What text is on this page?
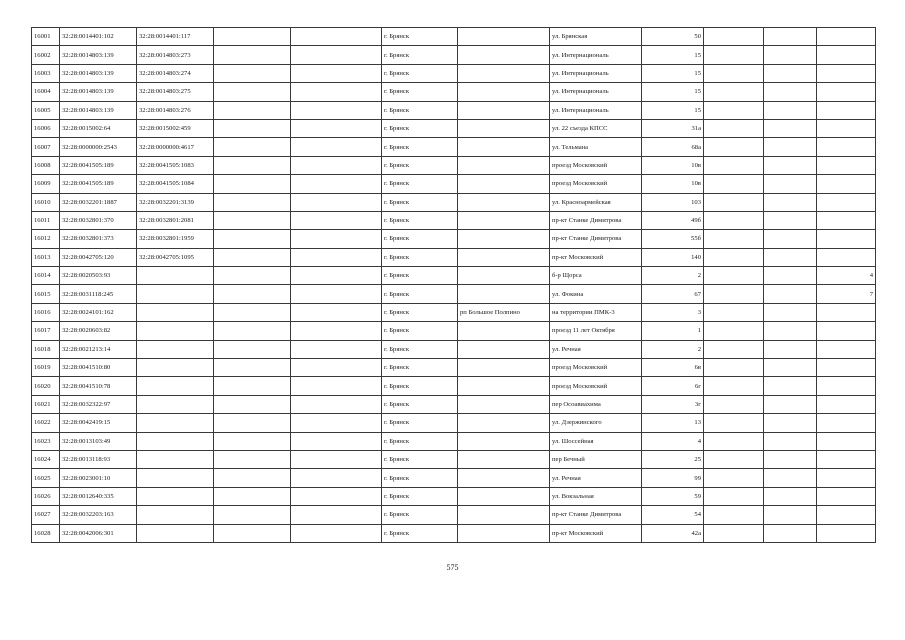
16001	32:28:0014401:102	32:28:0014401:117			г. Брянск		ул. Брянская	50			
16002	32:28:0014803:139	32:28:0014803:273			г. Брянск		ул. Интернациональ	15			
16003	32:28:0014803:139	32:28:0014803:274			г. Брянск		ул. Интернациональ	15			
16004	32:28:0014803:139	32:28:0014803:275			г. Брянск		ул. Интернациональ	15			
16005	32:28:0014803:139	32:28:0014803:276			г. Брянск		ул. Интернациональ	15			
16006	32:28:0015002:64	32:28:0015002:459			г. Брянск		ул. 22 съезда КПСС	31а			
16007	32:28:0000000:2543	32:28:0000000:4617			г. Брянск		ул. Тельмана	68а			
16008	32:28:0041505:189	32:28:0041505:1083			г. Брянск		проезд Московский	10в			
16009	32:28:0041505:189	32:28:0041505:1084			г. Брянск		проезд Московский	10в			
16010	32:28:0032201:1887	32:28:0032201:3139			г. Брянск		ул. Красноармейская	103			
16011	32:28:0032801:370	32:28:0032801:2081			г. Брянск		пр-кт Станке Димитрова	49б			
16012	32:28:0032801:373	32:28:0032801:1959			г. Брянск		пр-кт Станке Димитрова	55б			
16013	32:28:0042705:120	32:28:0042705:1095			г. Брянск		пр-кт Московский	140			
16014	32:28:0020503:93				г. Брянск		б-р Щорса	2			4
16015	32:28:0031118:245				г. Брянск		ул. Фокина	67			7
16016	32:28:0024101:162				г. Брянск	рп Большое Полпино	на территории ПМК-3	3			
16017	32:28:0020603:82				г. Брянск		проезд 11 лет Октября	1			
16018	32:28:0021213:14				г. Брянск		ул. Речная	2			
16019	32:28:0041510:80				г. Брянск		проезд Московский	6в			
16020	32:28:0041510:78				г. Брянск		проезд Московский	6г			
16021	32:28:0032322:97				г. Брянск		пер Осоавиахима	3г			
16022	32:28:0042419:15				г. Брянск		ул. Дзержинского	13			
16023	32:28:0013103:49				г. Брянск		ул. Шоссейная	4			
16024	32:28:0013118:93				г. Брянск		пер Бечный	25			
16025	32:28:0023001:10				г. Брянск		ул. Речная	99			
16026	32:28:0012640:335				г. Брянск		ул. Вокзальная	59			
16027	32:28:0032203:163				г. Брянск		пр-кт Станке Димитрова	54			
16028	32:28:0042006:301				г. Брянск		пр-кт Московский	42а			
575
